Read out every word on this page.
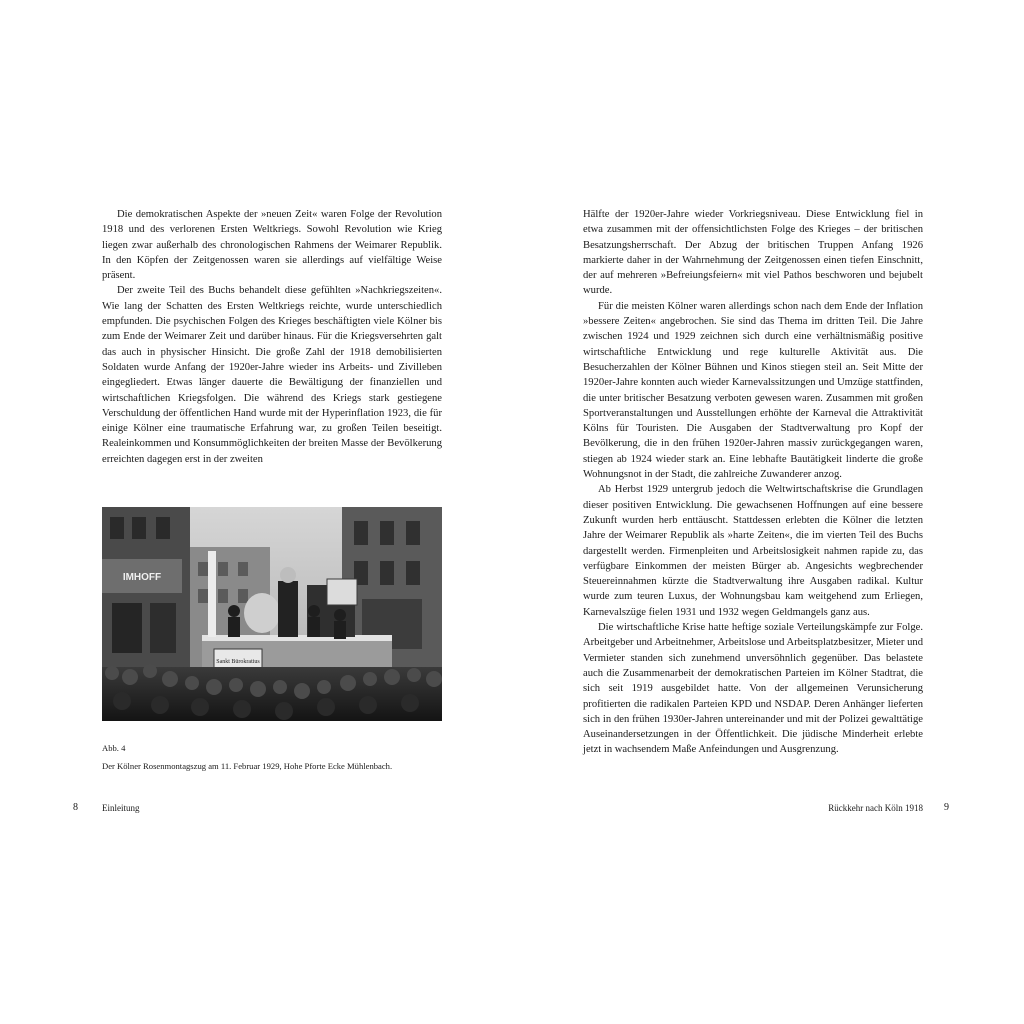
Die demokratischen Aspekte der »neuen Zeit« waren Folge der Revolution 1918 und des verlorenen Ersten Weltkriegs. Sowohl Revolution wie Krieg liegen zwar außerhalb des chronologischen Rahmens der Weimarer Republik. In den Köpfen der Zeitgenossen waren sie allerdings auf vielfältige Weise präsent.

Der zweite Teil des Buchs behandelt diese gefühlten »Nachkriegszeiten«. Wie lang der Schatten des Ersten Weltkriegs reichte, wurde unterschiedlich empfunden. Die psychischen Folgen des Krieges beschäftigten viele Kölner bis zum Ende der Weimarer Zeit und darüber hinaus. Für die Kriegsversehrten galt das auch in physischer Hinsicht. Die große Zahl der 1918 demobilisierten Soldaten wurde Anfang der 1920er-Jahre wieder ins Arbeits- und Zivilleben eingegliedert. Etwas länger dauerte die Bewältigung der finanziellen und wirtschaftlichen Kriegsfolgen. Die während des Kriegs stark gestiegene Verschuldung der öffentlichen Hand wurde mit der Hyperinflation 1923, die für einige Kölner eine traumatische Erfahrung war, zu großen Teilen beseitigt. Realeinkommen und Konsummöglichkeiten der breiten Masse der Bevölkerung erreichten dagegen erst in der zweiten

IMHOFF
Sankt Bürokratius
Abb. 4
Der Kölner Rosenmontagszug am 11. Februar 1929, Hohe Pforte Ecke Mühlenbach.
8	Einleitung

Hälfte der 1920er-Jahre wieder Vorkriegsniveau. Diese Entwicklung fiel in etwa zusammen mit der offensichtlichsten Folge des Krieges – der britischen Besatzungsherrschaft. Der Abzug der britischen Truppen Anfang 1926 markierte daher in der Wahrnehmung der Zeitgenossen einen tiefen Einschnitt, der auf mehreren »Befreiungsfeiern« mit viel Pathos beschworen und bejubelt wurde.

Für die meisten Kölner waren allerdings schon nach dem Ende der Inflation »bessere Zeiten« angebrochen. Sie sind das Thema im dritten Teil. Die Jahre zwischen 1924 und 1929 zeichnen sich durch eine verhältnismäßig positive wirtschaftliche Entwicklung und rege kulturelle Aktivität aus. Die Besucherzahlen der Kölner Bühnen und Kinos stiegen steil an. Seit Mitte der 1920er-Jahre konnten auch wieder Karnevalssitzungen und Umzüge stattfinden, die unter britischer Besatzung verboten gewesen waren. Zusammen mit großen Sportveranstaltungen und Ausstellungen erhöhte der Karneval die Attraktivität Kölns für Touristen. Die Ausgaben der Stadtverwaltung pro Kopf der Bevölkerung, die in den frühen 1920er-Jahren massiv zurückgegangen waren, stiegen ab 1924 wieder stark an. Eine lebhafte Bautätigkeit linderte die große Wohnungsnot in der Stadt, die zahlreiche Zuwanderer anzog.

Ab Herbst 1929 untergrub jedoch die Weltwirtschaftskrise die Grundlagen dieser positiven Entwicklung. Die gewachsenen Hoffnungen auf eine bessere Zukunft wurden herb enttäuscht. Stattdessen erlebten die Kölner die letzten Jahre der Weimarer Republik als »harte Zeiten«, die im vierten Teil des Buchs dargestellt werden. Firmenpleiten und Arbeitslosigkeit nahmen rapide zu, das verfügbare Einkommen der meisten Bürger ab. Angesichts wegbrechender Steuereinnahmen kürzte die Stadtverwaltung ihre Ausgaben radikal. Kultur wurde zum teuren Luxus, der Wohnungsbau kam weitgehend zum Erliegen, Karnevalszüge fielen 1931 und 1932 wegen Geldmangels ganz aus.

Die wirtschaftliche Krise hatte heftige soziale Verteilungskämpfe zur Folge. Arbeitgeber und Arbeitnehmer, Arbeitslose und Arbeitsplatzbesitzer, Mieter und Vermieter standen sich zunehmend unversöhnlich gegenüber. Das belastete auch die Zusammenarbeit der demokratischen Parteien im Kölner Stadtrat, die sich seit 1919 ausgebildet hatte. Von der allgemeinen Verunsicherung profitierten die radikalen Parteien KPD und NSDAP. Deren Anhänger lieferten sich in den frühen 1930er-Jahren untereinander und mit der Polizei gewalttätige Auseinandersetzungen in der Öffentlichkeit. Die jüdische Minderheit erlebte jetzt in wachsendem Maße Anfeindungen und Ausgrenzung.

Rückkehr nach Köln 1918 9
